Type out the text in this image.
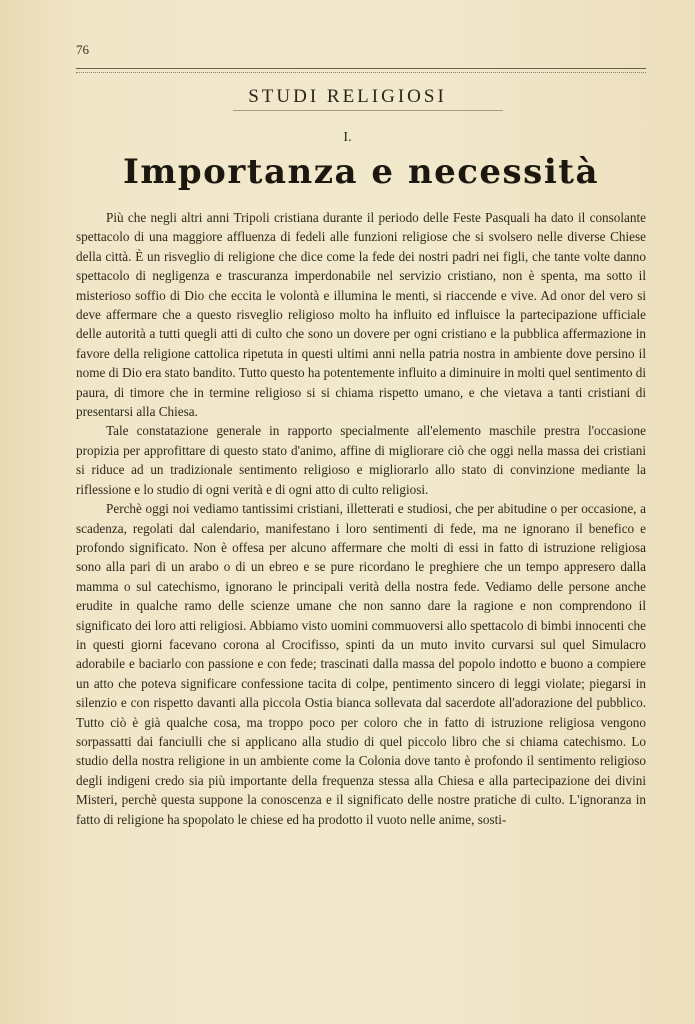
76
STUDI RELIGIOSI
I.
Importanza e necessità

Più che negli altri anni Tripoli cristiana durante il periodo delle Feste Pasquali ha dato il consolante spettacolo di una maggiore affluenza di fedeli alle funzioni religiose che si svolsero nelle diverse Chiese della città. È un risveglio di religione che dice come la fede dei nostri padri nei figli, che tante volte danno spettacolo di negligenza e trascuranza imperdonabile nel servizio cristiano, non è spenta, ma sotto il misterioso soffio di Dio che eccita le volontà e illumina le menti, si riaccende e vive. Ad onor del vero si deve affermare che a questo risveglio religioso molto ha influito ed influisce la partecipazione ufficiale delle autorità a tutti quegli atti di culto che sono un dovere per ogni cristiano e la pubblica affermazione in favore della religione cattolica ripetuta in questi ultimi anni nella patria nostra in ambiente dove persino il nome di Dio era stato bandito. Tutto questo ha potentemente influito a diminuire in molti quel sentimento di paura, di timore che in termine religioso si si chiama rispetto umano, e che vietava a tanti cristiani di presentarsi alla Chiesa.

Tale constatazione generale in rapporto specialmente all'elemento maschile prestra l'occasione propizia per approfittare di questo stato d'animo, affine di migliorare ciò che oggi nella massa dei cristiani si riduce ad un tradizionale sentimento religioso e migliorarlo allo stato di convinzione mediante la riflessione e lo studio di ogni verità e di ogni atto di culto religiosi.

Perchè oggi noi vediamo tantissimi cristiani, illetterati e studiosi, che per abitudine o per occasione, a scadenza, regolati dal calendario, manifestano i loro sentimenti di fede, ma ne ignorano il benefico e profondo significato. Non è offesa per alcuno affermare che molti di essi in fatto di istruzione religiosa sono alla pari di un arabo o di un ebreo e se pure ricordano le preghiere che un tempo appresero dalla mamma o sul catechismo, ignorano le principali verità della nostra fede. Vediamo delle persone anche erudite in qualche ramo delle scienze umane che non sanno dare la ragione e non comprendono il significato dei loro atti religiosi. Abbiamo visto uomini commuoversi allo spettacolo di bimbi innocenti che in questi giorni facevano corona al Crocifisso, spinti da un muto invito curvarsi sul quel Simulacro adorabile e baciarlo con passione e con fede; trascinati dalla massa del popolo indotto e buono a compiere un atto che poteva significare confessione tacita di colpe, pentimento sincero di leggi violate; piegarsi in silenzio e con rispetto davanti alla piccola Ostia bianca sollevata dal sacerdote all'adorazione del pubblico. Tutto ciò è già qualche cosa, ma troppo poco per coloro che in fatto di istruzione religiosa vengono sorpassatti dai fanciulli che si applicano alla studio di quel piccolo libro che si chiama catechismo. Lo studio della nostra religione in un ambiente come la Colonia dove tanto è profondo il sentimento religioso degli indigeni credo sia più importante della frequenza stessa alla Chiesa e alla partecipazione dei divini Misteri, perchè questa suppone la conoscenza e il significato delle nostre pratiche di culto. L'ignoranza in fatto di religione ha spopolato le chiese ed ha prodotto il vuoto nelle anime, sosti-
